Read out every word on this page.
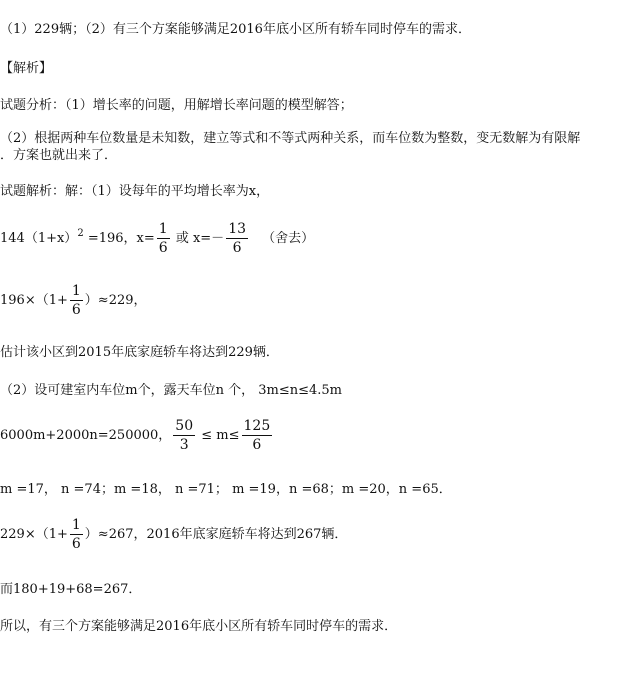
（1）229辆；（2）有三个方案能够满足2016年底小区所有轿车同时停车的需求．
【解析】
试题分析：（1）增长率的问题，用解增长率问题的模型解答；
（2）根据两种车位数量是未知数，建立等式和不等式两种关系，而车位数为整数，变无数解为有限解
．方案也就出来了．
试题解析：解：（1）设每年的平均增长率为x，
$144(1+x)^2 =196$，$x= \frac{1}{6}$ 或 $x=- \frac{13}{6}$ （舍去）
$196\times(1+ \frac{1}{6} )\approx 229$，
估计该小区到2015年底家庭轿车将达到229辆．
（2）设可建室内车位m个，露天车位n 个， 3m≤n≤4.5m
6000m+2000n=250000， $\frac{50}{3} \le m\le \frac{125}{6}$
m =17， n =74；m =18， n =71； m =19，n =68；m =20，n =65．
$229\times(1+ \frac{1}{6} )\approx 267$，2016年底家庭轿车将达到267辆．
而180+19+68=267．
所以，有三个方案能够满足2016年底小区所有轿车同时停车的需求．
